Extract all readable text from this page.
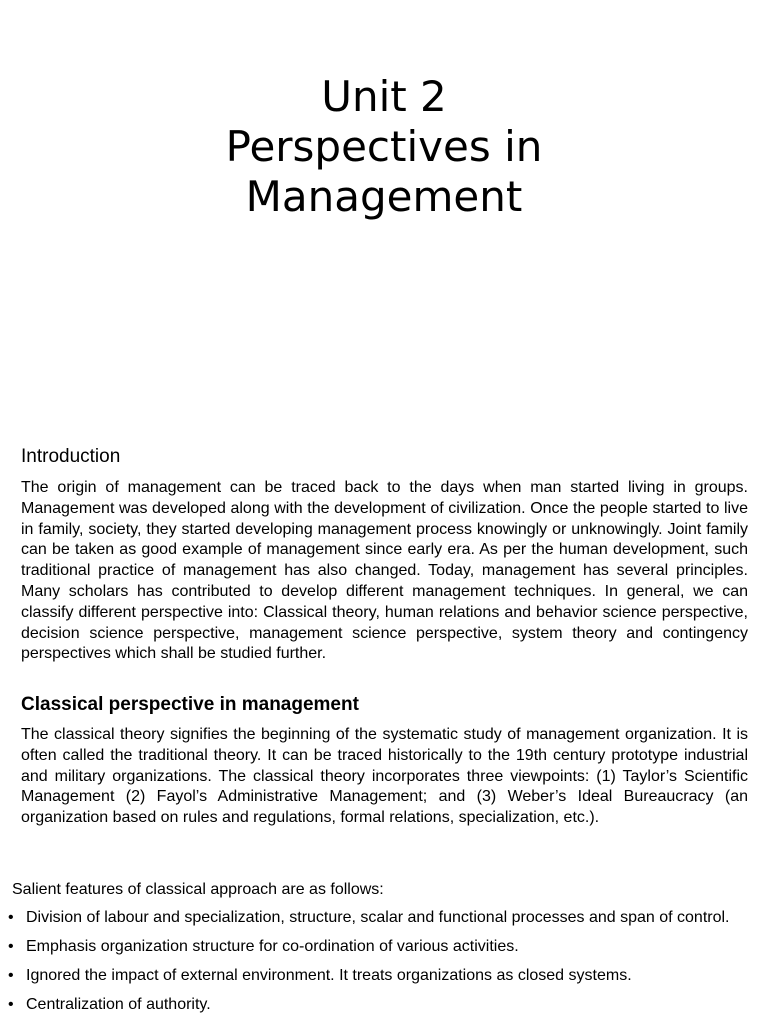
Unit 2
Perspectives in
Management
Introduction

The origin of management can be traced back to the days when man started living in groups. Management was developed along with the development of civilization. Once the people started to live in family, society, they started developing management process knowingly or unknowingly. Joint family can be taken as good example of management since early era. As per the human development, such traditional practice of management has also changed. Today, management has several principles. Many scholars has contributed to develop different management techniques. In general, we can classify different perspective into: Classical theory, human relations and behavior science perspective, decision science perspective, management science perspective, system theory and contingency perspectives which shall be studied further.

Classical perspective in management

The classical theory signifies the beginning of the systematic study of management organization. It is often called the traditional theory. It can be traced historically to the 19th century prototype industrial and military organizations. The classical theory incorporates three viewpoints: (1) Taylor’s Scientific Management (2) Fayol’s Administrative Management; and (3) Weber’s Ideal Bureaucracy (an organization based on rules and regulations, formal relations, specialization, etc.).

Salient features of classical approach are as follows:
• Division of labour and specialization, structure, scalar and functional processes and span of control.
• Emphasis organization structure for co-ordination of various activities.
• Ignored the impact of external environment. It treats organizations as closed systems.
• Centralization of authority.
